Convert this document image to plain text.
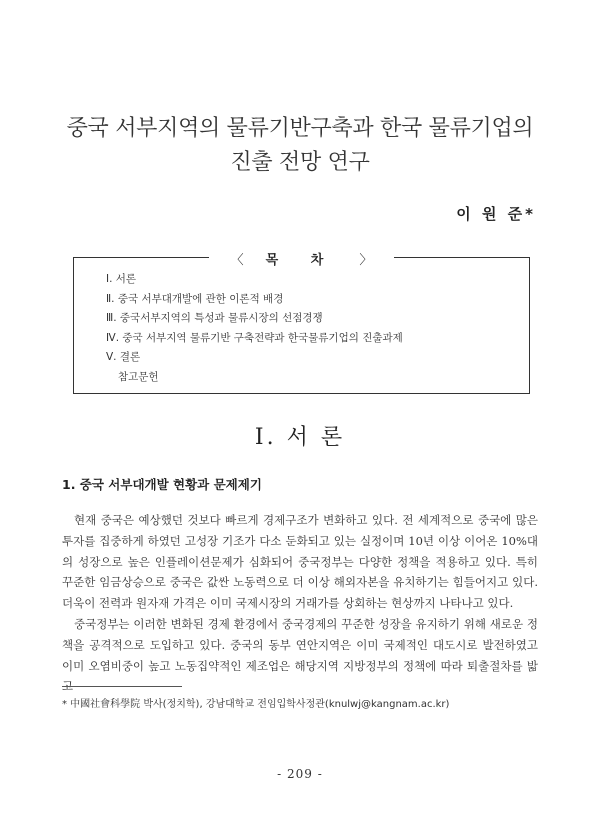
중국 서부지역의 물류기반구축과 한국 물류기업의
진출 전망 연구
이 원 준*
〈 목 차 〉
Ⅰ. 서론
Ⅱ. 중국 서부대개발에 관한 이론적 배경
Ⅲ. 중국서부지역의 특성과 물류시장의 선점경쟁
Ⅳ. 중국 서부지역 물류기반 구축전략과 한국물류기업의 진출과제
Ⅴ. 결론
참고문헌
Ⅰ. 서 론
1. 중국 서부대개발 현황과 문제제기

현재 중국은 예상했던 것보다 빠르게 경제구조가 변화하고 있다. 전 세계적으로 중국에 많은 투자를 집중하게 하였던 고성장 기조가 다소 둔화되고 있는 실정이며 10년 이상 이어온 10%대의 성장으로 높은 인플레이션문제가 심화되어 중국정부는 다양한 정책을 적용하고 있다. 특히 꾸준한 임금상승으로 중국은 값싼 노동력으로 더 이상 해외자본을 유치하기는 힘들어지고 있다. 더욱이 전력과 원자재 가격은 이미 국제시장의 거래가를 상회하는 현상까지 나타나고 있다.

중국정부는 이러한 변화된 경제 환경에서 중국경제의 꾸준한 성장을 유지하기 위해 새로운 정책을 공격적으로 도입하고 있다. 중국의 동부 연안지역은 이미 국제적인 대도시로 발전하였고 이미 오염비중이 높고 노동집약적인 제조업은 해당지역 지방정부의 정책에 따라 퇴출절차를 밟고

* 中國社會科學院 박사(정치학), 강남대학교 전임입학사정관(knulwj@kangnam.ac.kr)
- 209 -
